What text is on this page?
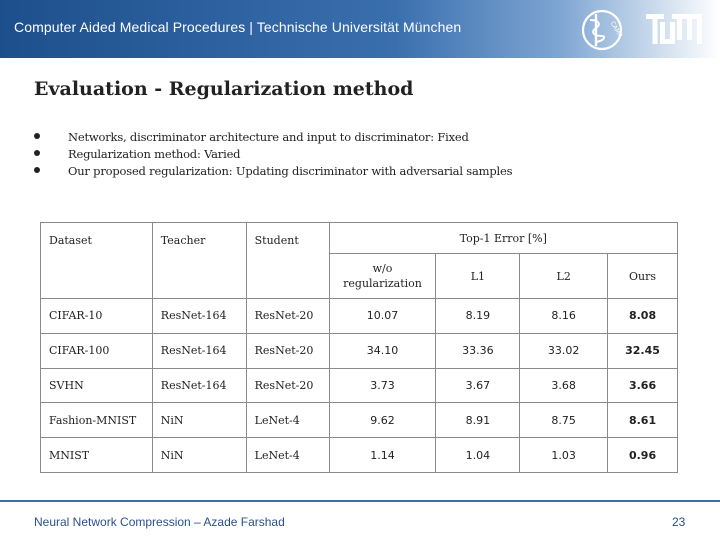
Computer Aided Medical Procedures | Technische Universität München	CAMP
Evaluation - Regularization method
Networks, discriminator architecture and input to discriminator: Fixed
Regularization method: Varied
Our proposed regularization: Updating discriminator with adversarial samples
Dataset	Teacher	Student	Top-1 Error [%]			
			w/o regularization	L1	L2	Ours
CIFAR-10	ResNet-164	ResNet-20	10.07	8.19	8.16	8.08
CIFAR-100	ResNet-164	ResNet-20	34.10	33.36	33.02	32.45
SVHN	ResNet-164	ResNet-20	3.73	3.67	3.68	3.66
Fashion-MNIST	NiN	LeNet-4	9.62	8.91	8.75	8.61
MNIST	NiN	LeNet-4	1.14	1.04	1.03	0.96
Neural Network Compression – Azade Farshad	23
